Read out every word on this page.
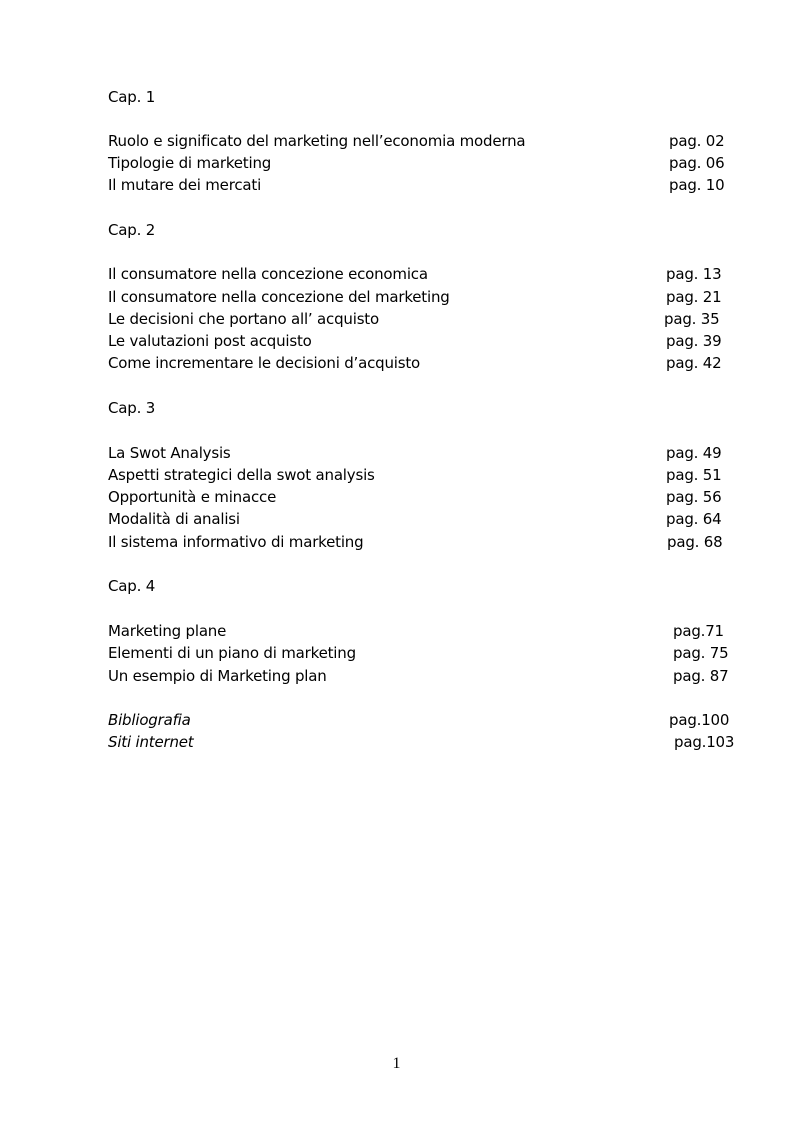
Cap. 1
Ruolo e significato del marketing nell’economia moderna	pag. 02
Tipologie di marketing	pag. 06
Il mutare dei mercati	pag. 10
Cap. 2
Il consumatore nella concezione economica	pag. 13
Il consumatore nella concezione del marketing	pag. 21
Le decisioni che portano all’ acquisto	pag. 35
Le valutazioni post acquisto	pag. 39
Come incrementare le decisioni d’acquisto	pag. 42
Cap. 3
La Swot Analysis	pag. 49
Aspetti strategici della swot analysis	pag. 51
Opportunità e minacce	pag. 56
Modalità di analisi	pag. 64
Il sistema informativo di marketing	pag. 68
Cap. 4
Marketing plane	pag.71
Elementi di un piano di marketing	pag. 75
Un esempio di Marketing plan	pag. 87
Bibliografia	pag.100
Siti internet	pag.103
1
